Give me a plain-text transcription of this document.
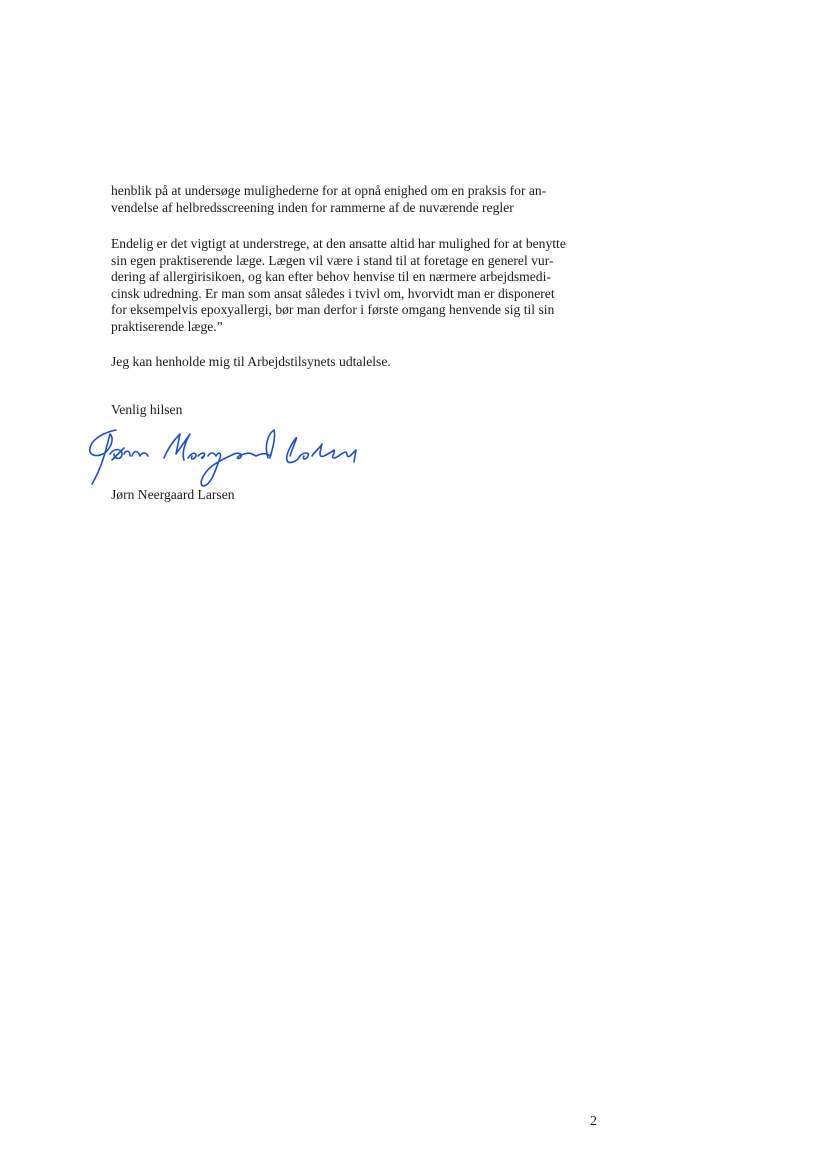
henblik på at undersøge mulighederne for at opnå enighed om en praksis for an-
vendelse af helbredsscreening inden for rammerne af de nuværende regler

Endelig er det vigtigt at understrege, at den ansatte altid har mulighed for at benytte
sin egen praktiserende læge. Lægen vil være i stand til at foretage en generel vur-
dering af allergirisikoen, og kan efter behov henvise til en nærmere arbejdsmedi-
cinsk udredning. Er man som ansat således i tvivl om, hvorvidt man er disponeret
for eksempelvis epoxyallergi, bør man derfor i første omgang henvende sig til sin
praktiserende læge.”

Jeg kan henholde mig til Arbejdstilsynets udtalelse.

Venlig hilsen

Jørn Neergaard Larsen

2
